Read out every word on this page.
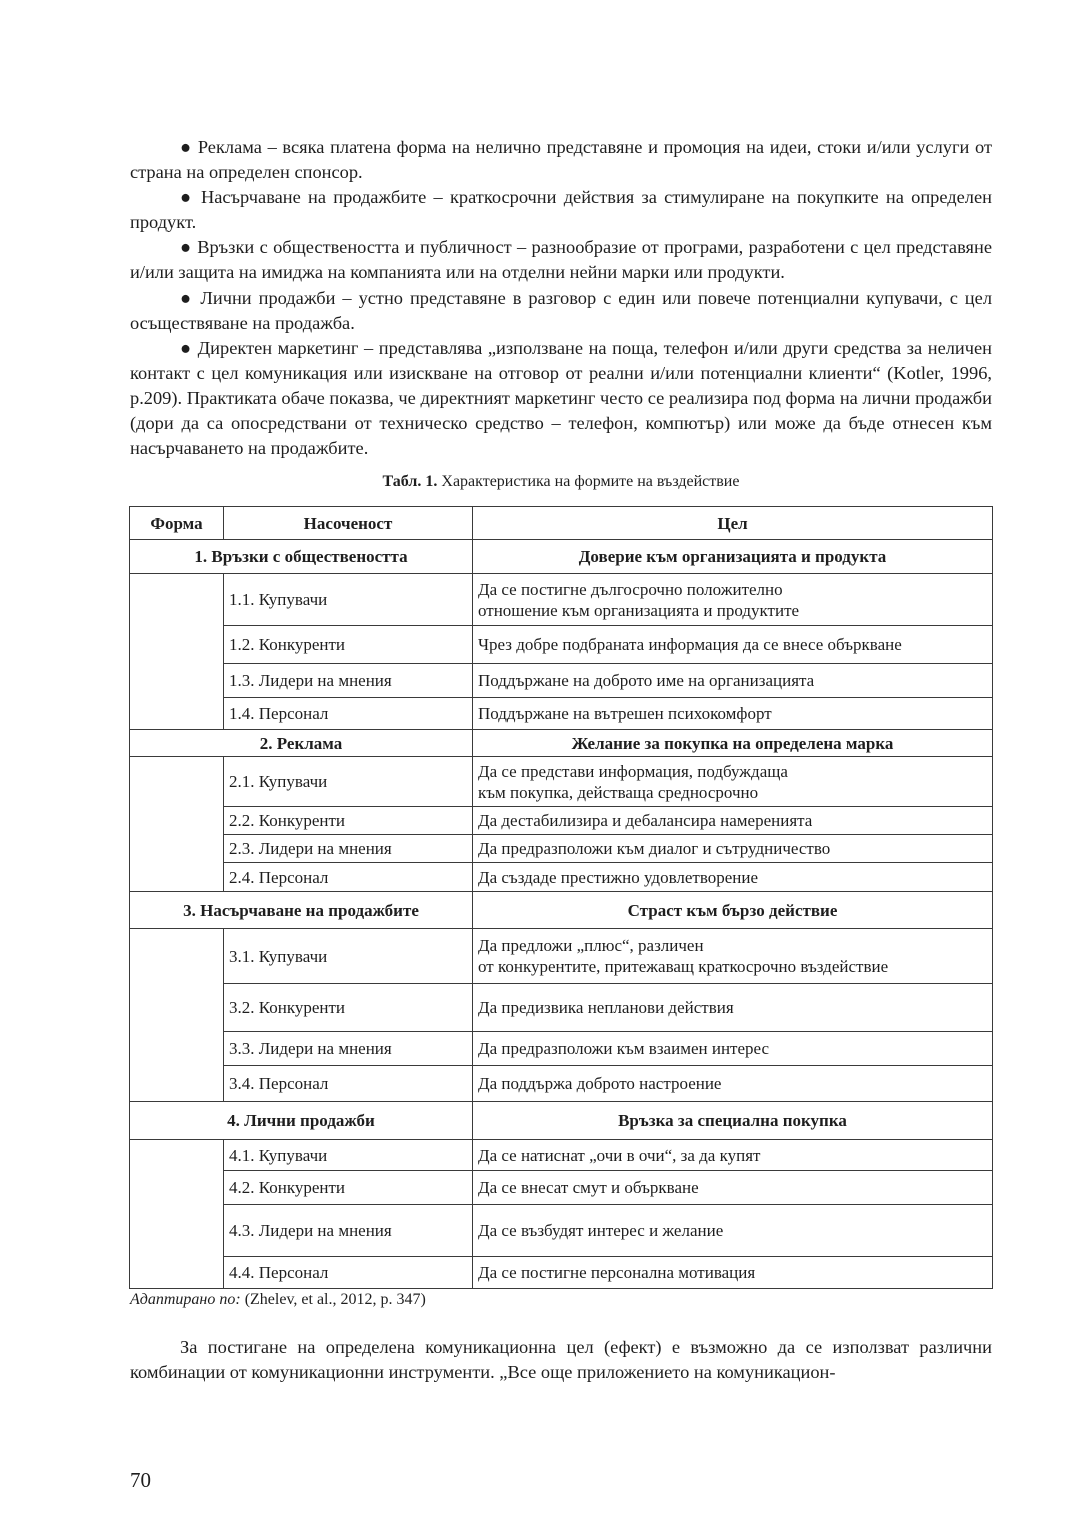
● Реклама – всяка платена форма на нелично представяне и промоция на идеи, стоки и/или услуги от страна на определен спонсор.

● Насърчаване на продажбите – краткосрочни действия за стимулиране на покупките на определен продукт.

● Връзки с обществеността и публичност – разнообразие от програми, разработени с цел представяне и/или защита на имиджа на компанията или на отделни нейни марки или продукти.

● Лични продажби – устно представяне в разговор с един или повече потенциални купувачи, с цел осъществяване на продажба.

● Директен маркетинг – представлява „използване на поща, телефон и/или други средства за неличен контакт с цел комуникация или изискване на отговор от реални и/или потенциални клиенти“ (Kotler, 1996, p.209). Практиката обаче показва, че директният маркетинг често се реализира под форма на лични продажби (дори да са опосредствани от техническо средство – телефон, компютър) или може да бъде отнесен към насърчаването на продажбите.

Табл. 1. Характеристика на формите на въздействие
Форма	Насоченост	Цел
1. Връзки с обществеността		Доверие към организацията и продукта
	1.1. Купувачи	Да се постигне дългосрочно положително
отношение към организацията и продуктите
	1.2. Конкуренти	Чрез добре подбраната информация да се внесе объркване
	1.3. Лидери на мнения	Поддържане на доброто име на организацията
	1.4. Персонал	Поддържане на вътрешен психокомфорт
2. Реклама		Желание за покупка на определена марка
	2.1. Купувачи	Да се представи информация, подбуждаща
към покупка, действаща средносрочно
	2.2. Конкуренти	Да дестабилизира и дебалансира намеренията
	2.3. Лидери на мнения	Да предразположи към диалог и сътрудничество
	2.4. Персонал	Да създаде престижно удовлетворение
3. Насърчаване на продажбите		Страст към бързо действие
	3.1. Купувачи	Да предложи „плюс“, различен
от конкурентите, притежаващ краткосрочно въздействие
	3.2. Конкуренти	Да предизвика непланови действия
	3.3. Лидери на мнения	Да предразположи към взаимен интерес
	3.4. Персонал	Да поддържа доброто настроение
4. Лични продажби		Връзка за специална покупка
	4.1. Купувачи	Да се натиснат „очи в очи“, за да купят
	4.2. Конкуренти	Да се внесат смут и объркване
	4.3. Лидери на мнения	Да се възбудят интерес и желание
	4.4. Персонал	Да се постигне персонална мотивация
Адаптирано по: (Zhelev, et al., 2012, p. 347)

За постигане на определена комуникационна цел (ефект) е възможно да се използват различни комбинации от комуникационни инструменти. „Все още приложението на комуникацион-

70
